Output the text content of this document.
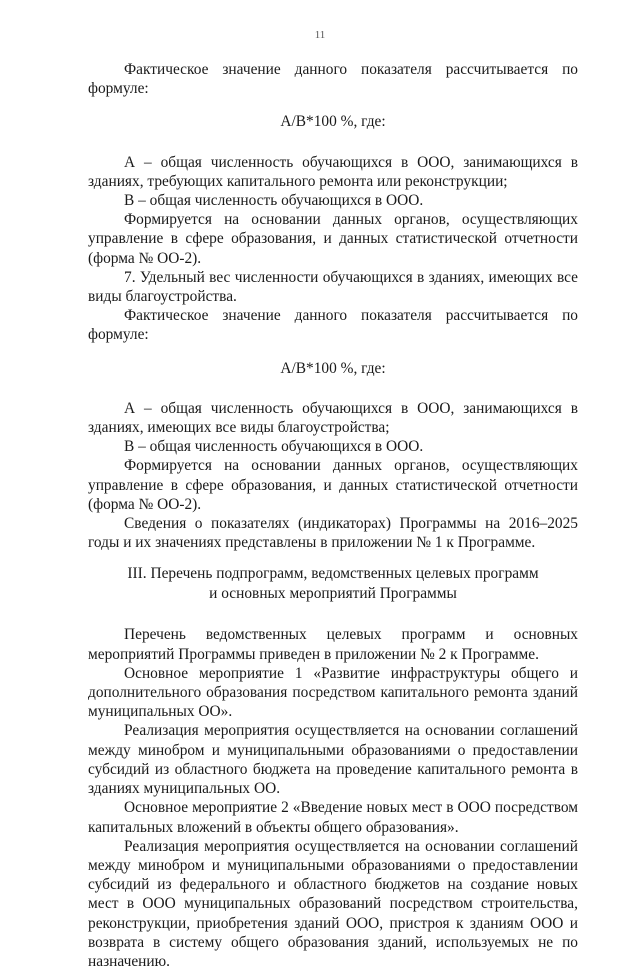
11

Фактическое значение данного показателя рассчитывается по формуле:

A/B*100 %, где:

А – общая численность обучающихся в ООО, занимающихся в зданиях, требующих капитального ремонта или реконструкции;

В – общая численность обучающихся в ООО.

Формируется на основании данных органов, осуществляющих управление в сфере образования, и данных статистической отчетности (форма № ОО-2).

7. Удельный вес численности обучающихся в зданиях, имеющих все виды благоустройства.

Фактическое значение данного показателя рассчитывается по формуле:

A/B*100 %, где:

А – общая численность обучающихся в ООО, занимающихся в зданиях, имеющих все виды благоустройства;

В – общая численность обучающихся в ООО.

Формируется на основании данных органов, осуществляющих управление в сфере образования, и данных статистической отчетности (форма № ОО-2).

Сведения о показателях (индикаторах) Программы на 2016–2025 годы и их значениях представлены в приложении № 1 к Программе.

III. Перечень подпрограмм, ведомственных целевых программ
и основных мероприятий Программы

Перечень ведомственных целевых программ и основных мероприятий Программы приведен в приложении № 2 к Программе.

Основное мероприятие 1 «Развитие инфраструктуры общего и дополнительного образования посредством капитального ремонта зданий муниципальных ОО».

Реализация мероприятия осуществляется на основании соглашений между минобром и муниципальными образованиями о предоставлении субсидий из областного бюджета на проведение капитального ремонта в зданиях муниципальных ОО.

Основное мероприятие 2 «Введение новых мест в ООО посредством капитальных вложений в объекты общего образования».

Реализация мероприятия осуществляется на основании соглашений между минобром и муниципальными образованиями о предоставлении субсидий из федерального и областного бюджетов на создание новых мест в ООО муниципальных образований посредством строительства, реконструкции, приобретения зданий ООО, пристроя к зданиям ООО и возврата в систему общего образования зданий, используемых не по назначению.
